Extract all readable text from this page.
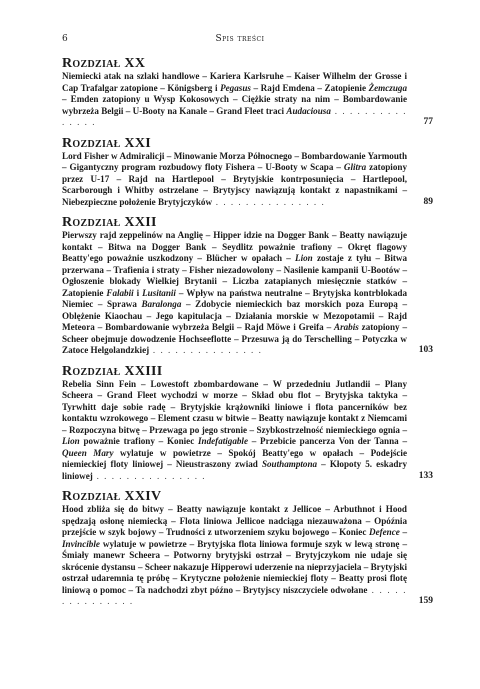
6	Spis treści
Rozdział XX
Niemiecki atak na szlaki handlowe – Kariera Karlsruhe – Kaiser Wilhelm der Grosse i Cap Trafalgar zatopione – Königsberg i Pegasus – Rajd Emdena – Zatopienie Żemczuga – Emden zatopiony u Wysp Kokosowych – Ciężkie straty na nim – Bombardowanie wybrzeża Belgii – U-Booty na Kanale – Grand Fleet traci Audaciousa . . . . . . . . . . . . . . .	77
Rozdział XXI
Lord Fisher w Admiralicji – Minowanie Morza Północnego – Bombardowanie Yarmouth – Gigantyczny program rozbudowy floty Fishera – U-Booty w Scapa – Glitra zatopiony przez U-17 – Rajd na Hartlepool – Brytyjskie kontrposunięcia – Hartlepool, Scarborough i Whitby ostrzelane – Brytyjscy nawiązują kontakt z napastnikami – Niebezpieczne położenie Brytyjczyków . . . . . . . . . . . . . . .	89
Rozdział XXII
Pierwszy rajd zeppelinów na Anglię – Hipper idzie na Dogger Bank – Beatty nawiązuje kontakt – Bitwa na Dogger Bank – Seydlitz poważnie trafiony – Okręt flagowy Beatty'ego poważnie uszkodzony – Blücher w opałach – Lion zostaje z tyłu – Bitwa przerwana – Trafienia i straty – Fisher niezadowolony – Nasilenie kampanii U-Bootów – Ogłoszenie blokady Wielkiej Brytanii – Liczba zatapianych miesięcznie statków – Zatopienie Falabii i Lusitanii – Wpływ na państwa neutralne – Brytyjska kontrblokada Niemiec – Sprawa Baralonga – Zdobycie niemieckich baz morskich poza Europą – Oblężenie Kiaochau – Jego kapitulacja – Działania morskie w Mezopotamii – Rajd Meteora – Bombardowanie wybrzeża Belgii – Rajd Möwe i Greifa – Arabis zatopiony – Scheer obejmuje dowodzenie Hochseeflotte – Przesuwa ją do Terschelling – Potyczka w Zatoce Helgolandzkiej . . . . . . . . . . . . . . .	103
Rozdział XXIII
Rebelia Sinn Fein – Lowestoft zbombardowane – W przededniu Jutlandii – Plany Scheera – Grand Fleet wychodzi w morze – Skład obu flot – Brytyjska taktyka – Tyrwhitt daje sobie radę – Brytyjskie krążowniki liniowe i flota pancerników bez kontaktu wzrokowego – Element czasu w bitwie – Beatty nawiązuje kontakt z Niemcami – Rozpoczyna bitwę – Przewaga po jego stronie – Szybkostrzelność niemieckiego ognia – Lion poważnie trafiony – Koniec Indefatigable – Przebicie pancerza Von der Tanna – Queen Mary wylatuje w powietrze – Spokój Beatty'ego w opałach – Podejście niemieckiej floty liniowej – Nieustraszony zwiad Southamptona – Kłopoty 5. eskadry liniowej . . . . . . . . . . . . . . .	133
Rozdział XXIV
Hood zbliża się do bitwy – Beatty nawiązuje kontakt z Jellicoe – Arbuthnot i Hood spędzają osłonę niemiecką – Flota liniowa Jellicoe nadciąga niezauważona – Opóźnia przejście w szyk bojowy – Trudności z utworzeniem szyku bojowego – Koniec Defence – Invincible wylatuje w powietrze – Brytyjska flota liniowa formuje szyk w lewą stronę – Śmiały manewr Scheera – Potworny brytyjski ostrzał – Brytyjczykom nie udaje się skrócenie dystansu – Scheer nakazuje Hipperowi uderzenie na nieprzyjaciela – Brytyjski ostrzał udaremnia tę próbę – Krytyczne położenie niemieckiej floty – Beatty prosi flotę liniową o pomoc – Ta nadchodzi zbyt późno – Brytyjscy niszczyciele odwołane . . . . . . . . . . . . . . .	159
